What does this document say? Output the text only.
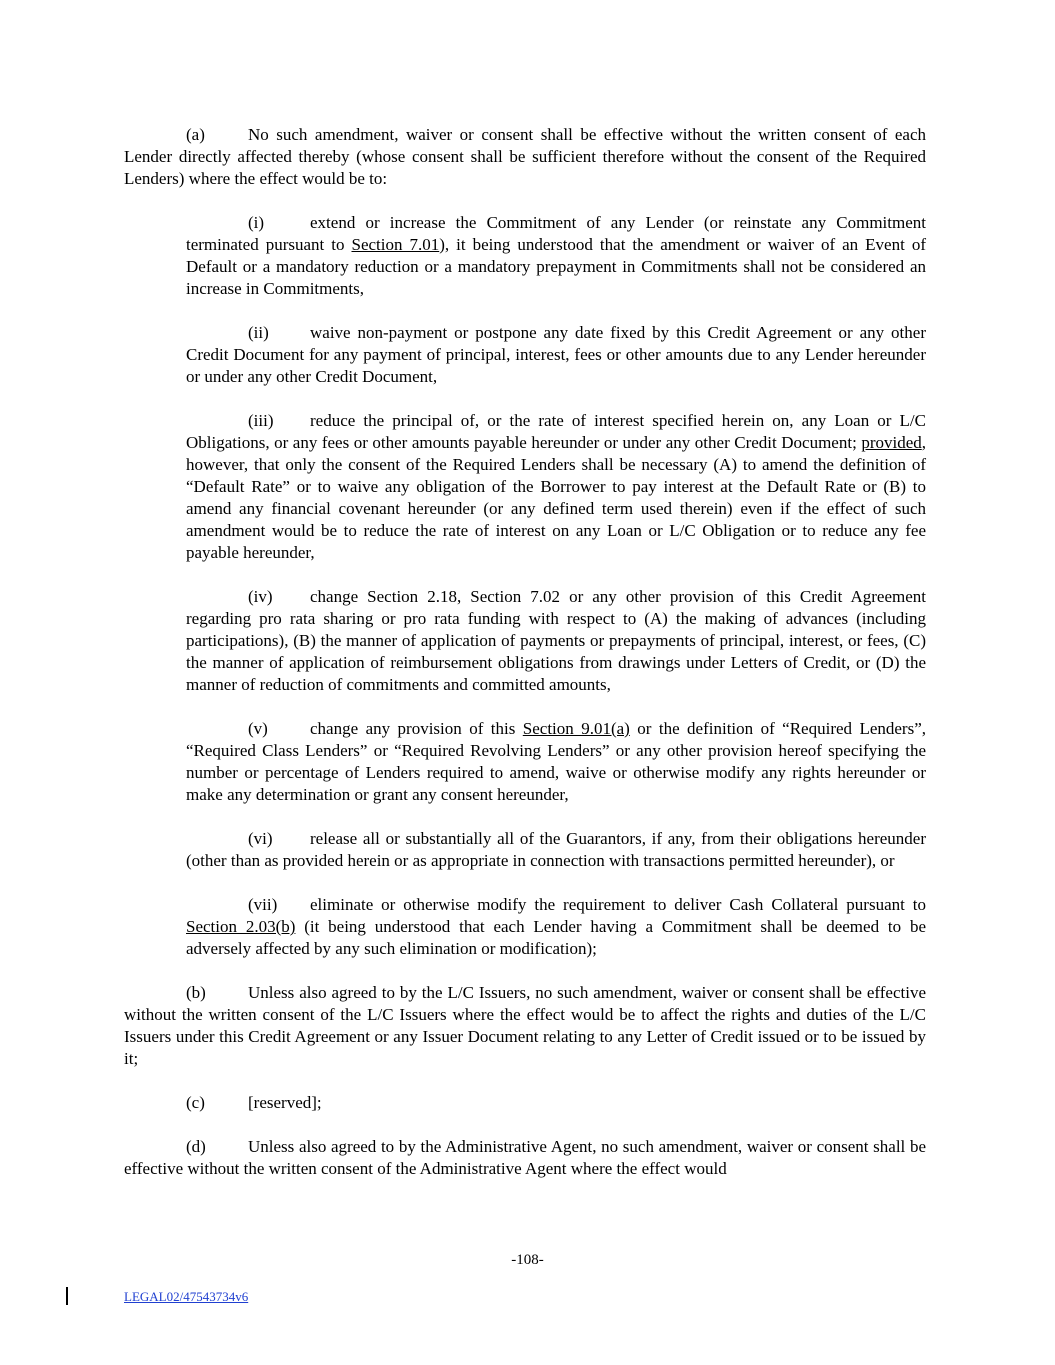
(a)	No such amendment, waiver or consent shall be effective without the written consent of each Lender directly affected thereby (whose consent shall be sufficient therefore without the consent of the Required Lenders) where the effect would be to:

(i)	extend or increase the Commitment of any Lender (or reinstate any Commitment terminated pursuant to Section 7.01), it being understood that the amendment or waiver of an Event of Default or a mandatory reduction or a mandatory prepayment in Commitments shall not be considered an increase in Commitments,

(ii) waive non-payment or postpone any date fixed by this Credit Agreement or any other Credit Document for any payment of principal, interest, fees or other amounts due to any Lender hereunder or under any other Credit Document,

(iii) reduce the principal of, or the rate of interest specified herein on, any Loan or L/C Obligations, or any fees or other amounts payable hereunder or under any other Credit Document; provided, however, that only the consent of the Required Lenders shall be necessary (A) to amend the definition of “Default Rate” or to waive any obligation of the Borrower to pay interest at the Default Rate or (B) to amend any financial covenant hereunder (or any defined term used therein) even if the effect of such amendment would be to reduce the rate of interest on any Loan or L/C Obligation or to reduce any fee payable hereunder,

(iv) change Section 2.18, Section 7.02 or any other provision of this Credit Agreement regarding pro rata sharing or pro rata funding with respect to (A) the making of advances (including participations), (B) the manner of application of payments or prepayments of principal, interest, or fees, (C) the manner of application of reimbursement obligations from drawings under Letters of Credit, or (D) the manner of reduction of commitments and committed amounts,

(v) change any provision of this Section 9.01(a) or the definition of “Required Lenders”, “Required Class Lenders” or “Required Revolving Lenders” or any other provision hereof specifying the number or percentage of Lenders required to amend, waive or otherwise modify any rights hereunder or make any determination or grant any consent hereunder,

(vi) release all or substantially all of the Guarantors, if any, from their obligations hereunder (other than as provided herein or as appropriate in connection with transactions permitted hereunder), or

(vii) eliminate or otherwise modify the requirement to deliver Cash Collateral pursuant to Section 2.03(b) (it being understood that each Lender having a Commitment shall be deemed to be adversely affected by any such elimination or modification);

(b) Unless also agreed to by the L/C Issuers, no such amendment, waiver or consent shall be effective without the written consent of the L/C Issuers where the effect would be to affect the rights and duties of the L/C Issuers under this Credit Agreement or any Issuer Document relating to any Letter of Credit issued or to be issued by it;

(c)	[reserved];

(d) Unless also agreed to by the Administrative Agent, no such amendment, waiver or consent shall be effective without the written consent of the Administrative Agent where the effect would

-108-
LEGAL02/47543734v6
